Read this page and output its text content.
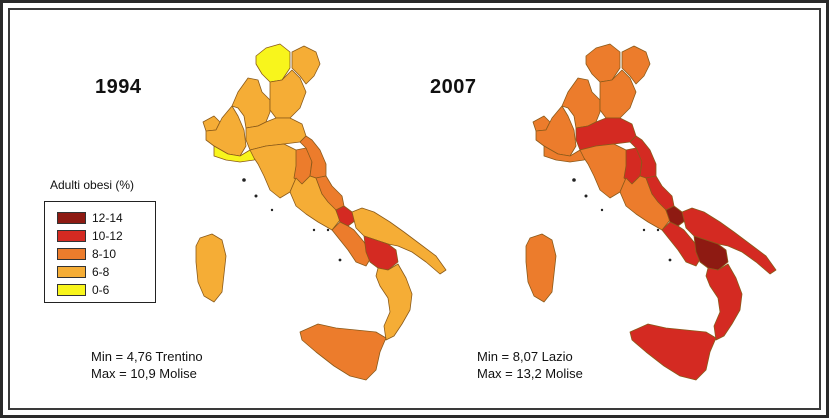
1994	2007
Adulti obesi (%)
12-14
10-12
8-10
6-8
0-6
Min = 4,76 Trentino
Max = 10,9 Molise
Min = 8,07 Lazio
Max = 13,2 Molise
